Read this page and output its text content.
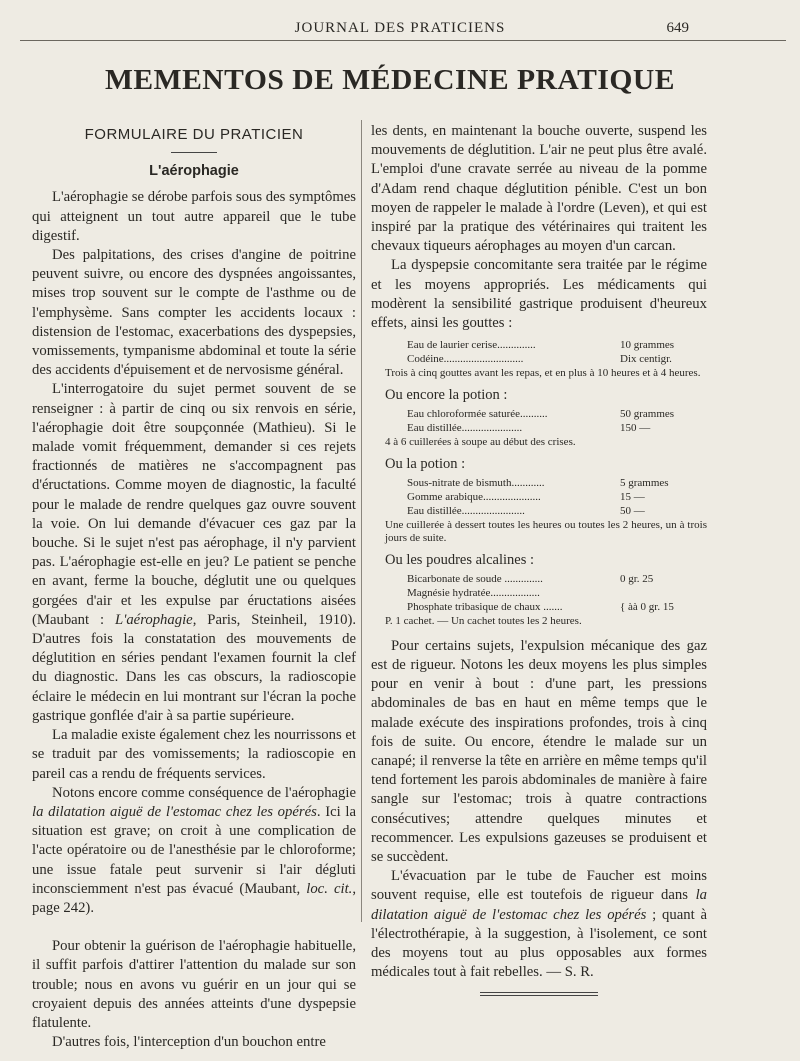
JOURNAL DES PRATICIENS	649
MEMENTOS DE MÉDECINE PRATIQUE
FORMULAIRE DU PRATICIEN
L'aérophagie

L'aérophagie se dérobe parfois sous des symptômes qui atteignent un tout autre appareil que le tube digestif.

Des palpitations, des crises d'angine de poitrine peuvent suivre, ou encore des dyspnées angoissantes, mises trop souvent sur le compte de l'asthme ou de l'emphysème. Sans compter les accidents locaux : distension de l'estomac, exacerbations des dyspepsies, vomissements, tympanisme abdominal et toute la série des accidents d'épuisement et de nervosisme général.

L'interrogatoire du sujet permet souvent de se renseigner : à partir de cinq ou six renvois en série, l'aérophagie doit être soupçonnée (Mathieu). Si le malade vomit fréquemment, demander si ces rejets fractionnés de matières ne s'accompagnent pas d'éructations. Comme moyen de diagnostic, la faculté pour le malade de rendre quelques gaz ouvre souvent la voie. On lui demande d'évacuer ces gaz par la bouche. Si le sujet n'est pas aérophage, il n'y parvient pas. L'aérophagie est-elle en jeu? Le patient se penche en avant, ferme la bouche, déglutit une ou quelques gorgées d'air et les expulse par éructations aisées (Maubant : L'aérophagie, Paris, Steinheil, 1910). D'autres fois la constatation des mouvements de déglutition en séries pendant l'examen fournit la clef du diagnostic. Dans les cas obscurs, la radioscopie éclaire le médecin en lui montrant sur l'écran la poche gastrique gonflée d'air à sa partie supérieure.

La maladie existe également chez les nourrissons et se traduit par des vomissements; la radioscopie en pareil cas a rendu de fréquents services.

Notons encore comme conséquence de l'aérophagie la dilatation aiguë de l'estomac chez les opérés. Ici la situation est grave; on croit à une complication de l'acte opératoire ou de l'anesthésie par le chloroforme; une issue fatale peut survenir si l'air dégluti inconsciemment n'est pas évacué (Maubant, loc. cit., page 242).

Pour obtenir la guérison de l'aérophagie habituelle, il suffit parfois d'attirer l'attention du malade sur son trouble; nous en avons vu guérir en un jour qui se croyaient depuis des années atteints d'une dyspepsie flatulente.

D'autres fois, l'interception d'un bouchon entre

les dents, en maintenant la bouche ouverte, suspend les mouvements de déglutition. L'air ne peut plus être avalé. L'emploi d'une cravate serrée au niveau de la pomme d'Adam rend chaque déglutition pénible. C'est un bon moyen de rappeler le malade à l'ordre (Leven), et qui est inspiré par la pratique des vétérinaires qui traitent les chevaux tiqueurs aérophages au moyen d'un carcan.

La dyspepsie concomitante sera traitée par le régime et les moyens appropriés. Les médicaments qui modèrent la sensibilité gastrique produisent d'heureux effets, ainsi les gouttes :

Eau de laurier cerise..............	10 grammes
Codéine.............................	Dix centigr.
Trois à cinq gouttes avant les repas, et en plus à 10 heures et à 4 heures.
Ou encore la potion :
Eau chloroformée saturée..........	50 grammes
Eau distillée......................	150 —
4 à 6 cuillerées à soupe au début des crises.
Ou la potion :
Sous-nitrate de bismuth............	5 grammes
Gomme arabique.....................	15 —
Eau distillée.......................	50 —
Une cuillerée à dessert toutes les heures ou toutes les 2 heures, un à trois jours de suite.
Ou les poudres alcalines :
Bicarbonate de soude ..............	0 gr. 25
Magnésie hydratée..................
Phosphate tribasique de chaux .......	{ àà 0 gr. 15
P. 1 cachet. — Un cachet toutes les 2 heures.

Pour certains sujets, l'expulsion mécanique des gaz est de rigueur. Notons les deux moyens les plus simples pour en venir à bout : d'une part, les pressions abdominales de bas en haut en même temps que le malade exécute des inspirations profondes, trois à cinq fois de suite. Ou encore, étendre le malade sur un canapé; il renverse la tête en arrière en même temps qu'il tend fortement les parois abdominales de manière à faire sangle sur l'estomac; trois à quatre contractions consécutives; attendre quelques minutes et recommencer. Les expulsions gazeuses se produisent et se succèdent.

L'évacuation par le tube de Faucher est moins souvent requise, elle est toutefois de rigueur dans la dilatation aiguë de l'estomac chez les opérés ; quant à l'électrothérapie, à la suggestion, à l'isolement, ce sont des moyens tout au plus opposables aux formes médicales tout à fait rebelles. — S. R.
